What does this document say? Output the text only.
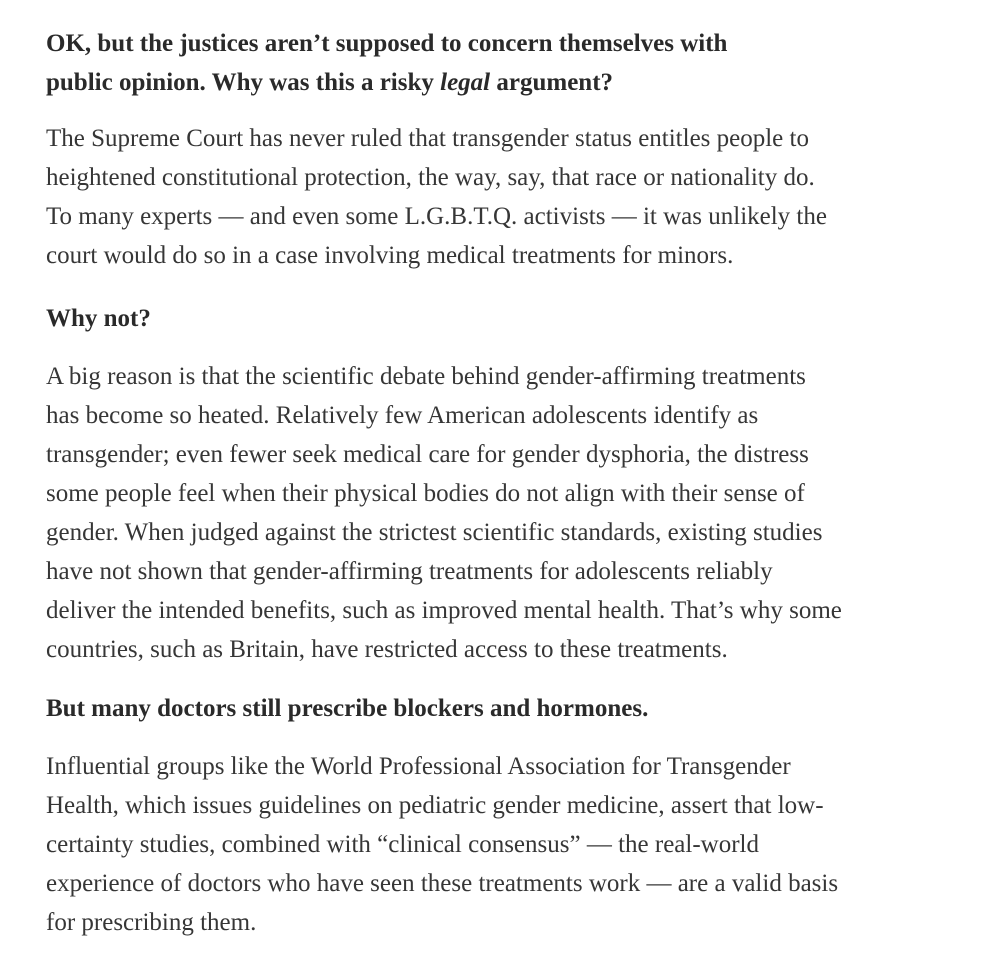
OK, but the justices aren’t supposed to concern themselves with
public opinion. Why was this a risky legal argument?

The Supreme Court has never ruled that transgender status entitles people to
heightened constitutional protection, the way, say, that race or nationality do.
To many experts — and even some L.G.B.T.Q. activists — it was unlikely the
court would do so in a case involving medical treatments for minors.

Why not?

A big reason is that the scientific debate behind gender-affirming treatments
has become so heated. Relatively few American adolescents identify as
transgender; even fewer seek medical care for gender dysphoria, the distress
some people feel when their physical bodies do not align with their sense of
gender. When judged against the strictest scientific standards, existing studies
have not shown that gender-affirming treatments for adolescents reliably
deliver the intended benefits, such as improved mental health. That’s why some
countries, such as Britain, have restricted access to these treatments.

But many doctors still prescribe blockers and hormones.

Influential groups like the World Professional Association for Transgender
Health, which issues guidelines on pediatric gender medicine, assert that low-
certainty studies, combined with “clinical consensus” — the real-world
experience of doctors who have seen these treatments work — are a valid basis
for prescribing them.
